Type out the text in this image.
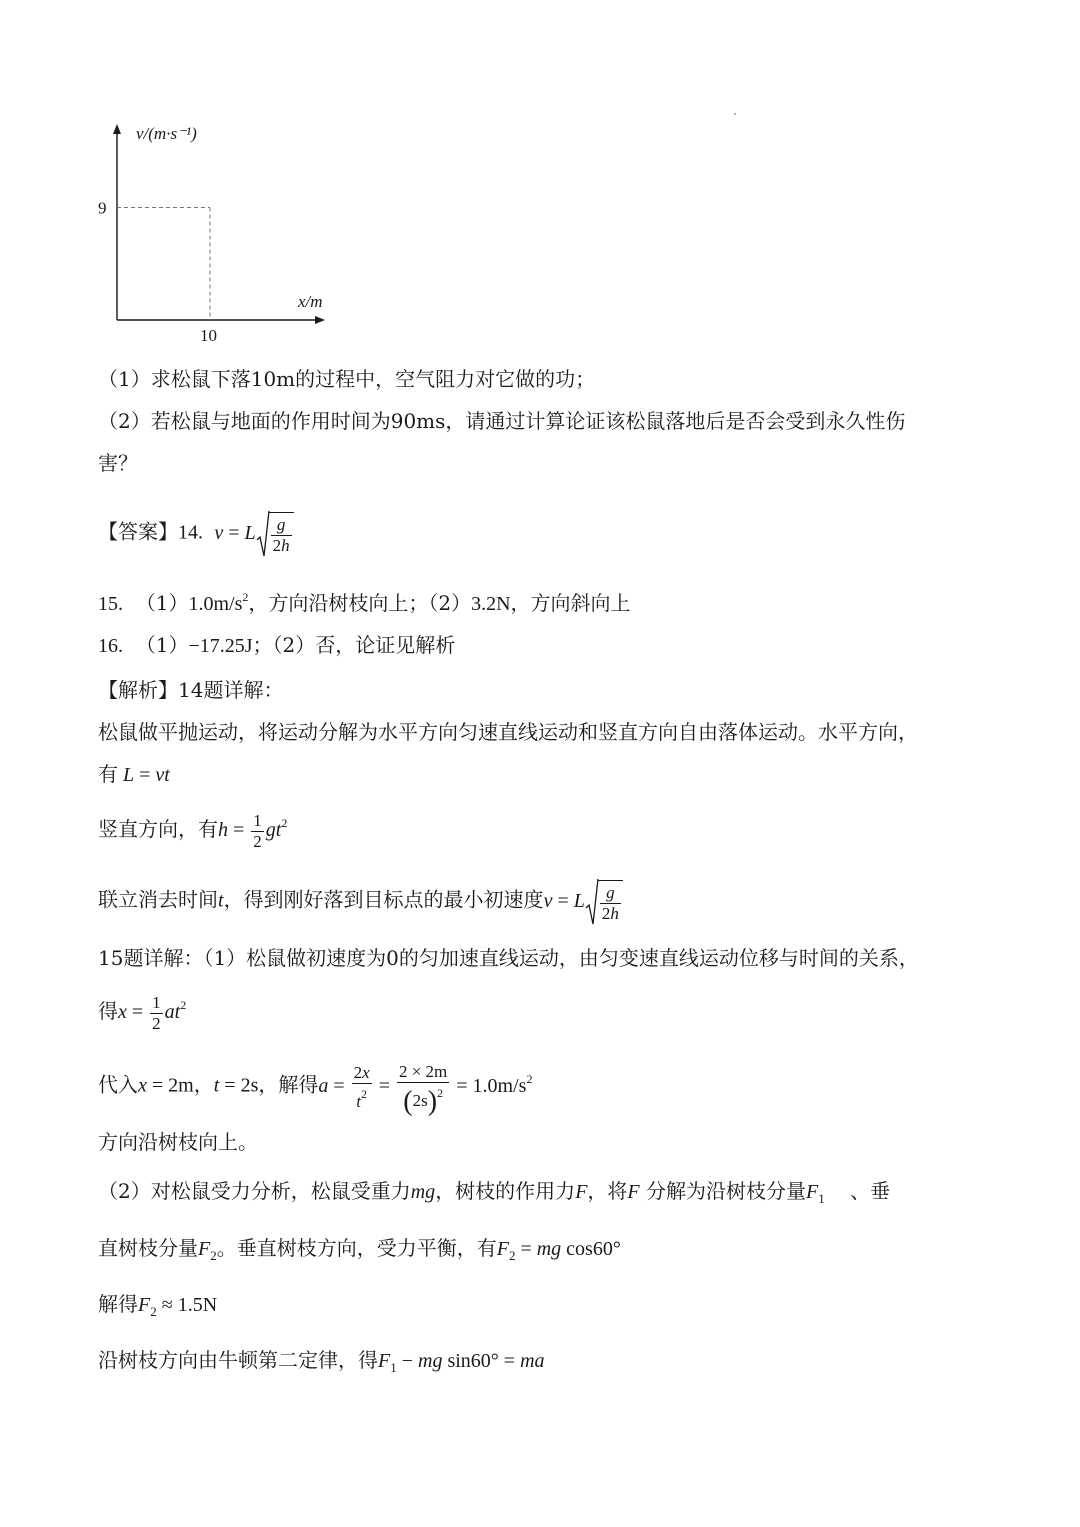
v/(m·s⁻¹)
x/m
9
10
（1）求松鼠下落10m的过程中，空气阻力对它做的功；
（2）若松鼠与地面的作用时间为90ms，请通过计算论证该松鼠落地后是否会受到永久性伤
害？
【答案】14. v = L $\frac{g}{2h}$
15. $(1)1.0m/s^2$，方向沿树枝向上；（2）3.2N，方向斜向上
16. （1）−17.25J；（2）否，论证见解析
【解析】14题详解：
松鼠做平抛运动，将运动分解为水平方向匀速直线运动和竖直方向自由落体运动。水平方向，
有 L = vt
竖直方向，有$h = \frac{1}{2} gt^2$
联立消去时间t，得到刚好落到目标点的最小初速度v = L $\frac{g}{2h}$
15题详解：（1）松鼠做初速度为0的匀加速直线运动，由匀变速直线运动位移与时间的关系，
得$x = \frac{1}{2} at^2$
代入x = 2m，t = 2s，解得$a = \frac{2x}{t^2} = \frac{2 \times 2m}{(2s)^2} = 1.0m/s^2$
方向沿树枝向上。
（2）对松鼠受力分析，松鼠受重力mg，树枝的作用力F，将F 分解为沿树枝分量$F_1$ 、垂
直树枝分量$F_2$。垂直树枝方向，受力平衡，有$F_2$ = mg cos60°
解得$F_2 \approx 1.5N$
沿树枝方向由牛顿第二定律，得$F_1$ − mg sin60° = ma
